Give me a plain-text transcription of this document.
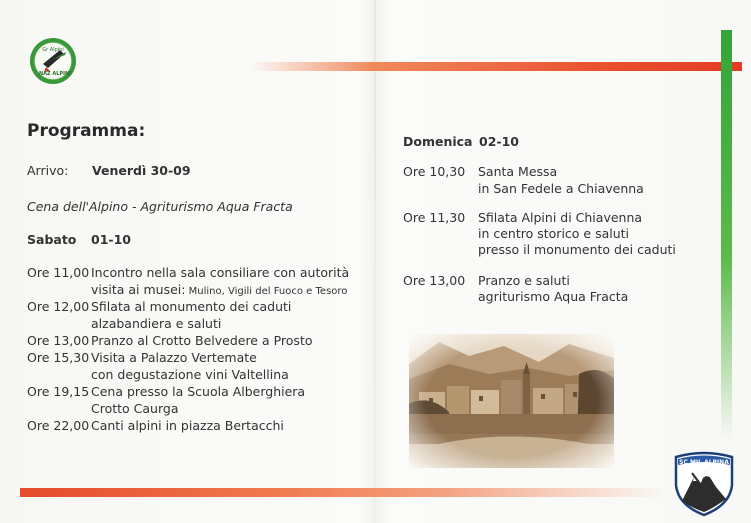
Gr Alpini
NAZ ALPINI
Programma:
Arrivo: Venerdì 30-09
Cena dell'Alpino - Agriturismo Aqua Fracta
Sabato 01-10
Ore 11,00 Incontro nella sala consiliare con autorità
visita ai musei: Mulino, Vigili del Fuoco e Tesoro
Ore 12,00 Sfilata al monumento dei caduti
alzabandiera e saluti
Ore 13,00 Pranzo al Crotto Belvedere a Prosto
Ore 15,30 Visita a Palazzo Vertemate
con degustazione vini Valtellina
Ore 19,15 Cena presso la Scuola Alberghiera
Crotto Caurga
Ore 22,00 Canti alpini in piazza Bertacchi
Domenica 02-10
Ore 10,30 Santa Messa
in San Fedele a Chiavenna
Ore 11,30 Sfilata Alpini di Chiavenna
in centro storico e saluti
presso il monumento dei caduti
Ore 13,00 Pranzo e saluti
agriturismo Aqua Fracta
SC MIL ALPINA
